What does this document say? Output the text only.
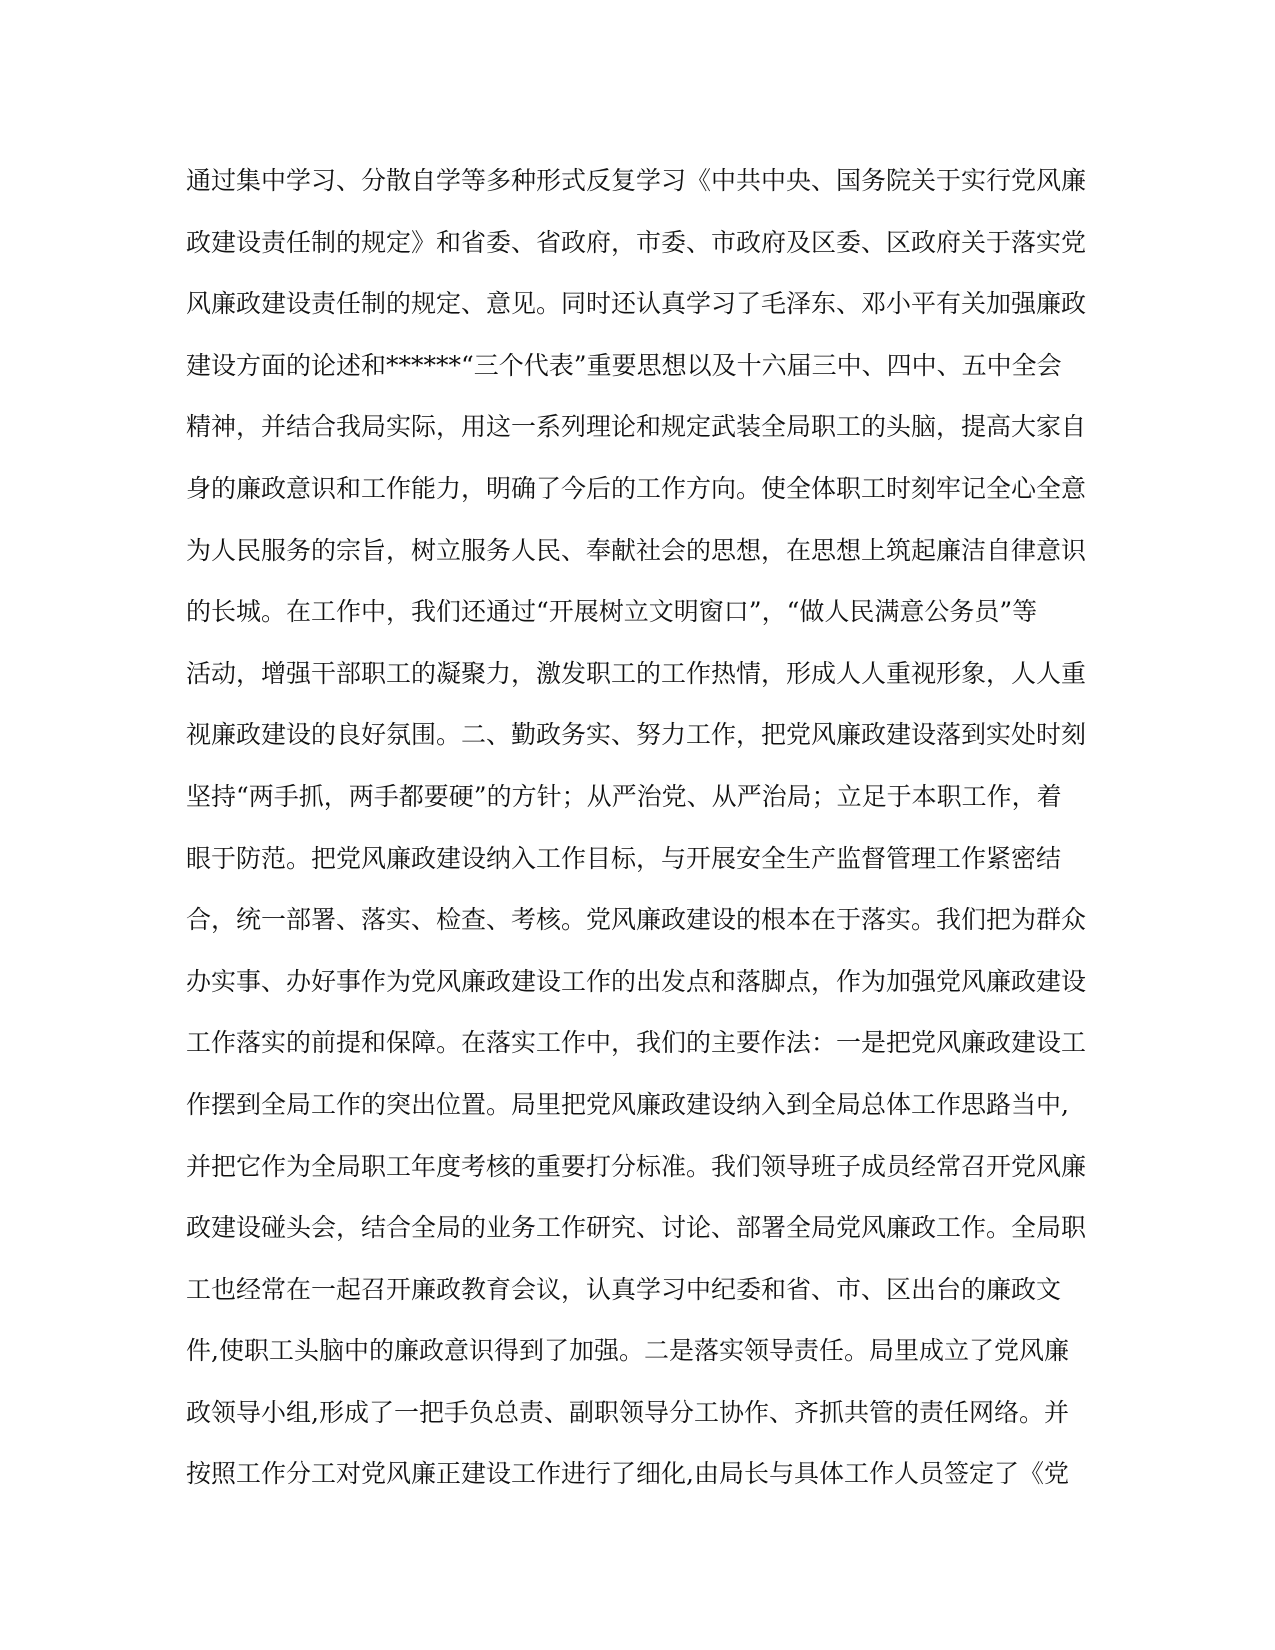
通过集中学习、分散自学等多种形式反复学习《中共中央、国务院关于实行党风廉
政建设责任制的规定》和省委、省政府，市委、市政府及区委、区政府关于落实党
风廉政建设责任制的规定、意见。同时还认真学习了毛泽东、邓小平有关加强廉政
建设方面的论述和******“三个代表”重要思想以及十六届三中、四中、五中全会
精神，并结合我局实际，用这一系列理论和规定武装全局职工的头脑，提高大家自
身的廉政意识和工作能力，明确了今后的工作方向。使全体职工时刻牢记全心全意
为人民服务的宗旨，树立服务人民、奉献社会的思想，在思想上筑起廉洁自律意识
的长城。在工作中，我们还通过“开展树立文明窗口”，“做人民满意公务员”等
活动，增强干部职工的凝聚力，激发职工的工作热情，形成人人重视形象，人人重
视廉政建设的良好氛围。二、勤政务实、努力工作，把党风廉政建设落到实处时刻
坚持“两手抓，两手都要硬”的方针；从严治党、从严治局；立足于本职工作，着
眼于防范。把党风廉政建设纳入工作目标，与开展安全生产监督管理工作紧密结
合，统一部署、落实、检查、考核。党风廉政建设的根本在于落实。我们把为群众
办实事、办好事作为党风廉政建设工作的出发点和落脚点，作为加强党风廉政建设
工作落实的前提和保障。在落实工作中，我们的主要作法：一是把党风廉政建设工
作摆到全局工作的突出位置。局里把党风廉政建设纳入到全局总体工作思路当中,
并把它作为全局职工年度考核的重要打分标准。我们领导班子成员经常召开党风廉
政建设碰头会，结合全局的业务工作研究、讨论、部署全局党风廉政工作。全局职
工也经常在一起召开廉政教育会议，认真学习中纪委和省、市、区出台的廉政文
件,使职工头脑中的廉政意识得到了加强。二是落实领导责任。局里成立了党风廉
政领导小组,形成了一把手负总责、副职领导分工协作、齐抓共管的责任网络。并
按照工作分工对党风廉正建设工作进行了细化,由局长与具体工作人员签定了《党
